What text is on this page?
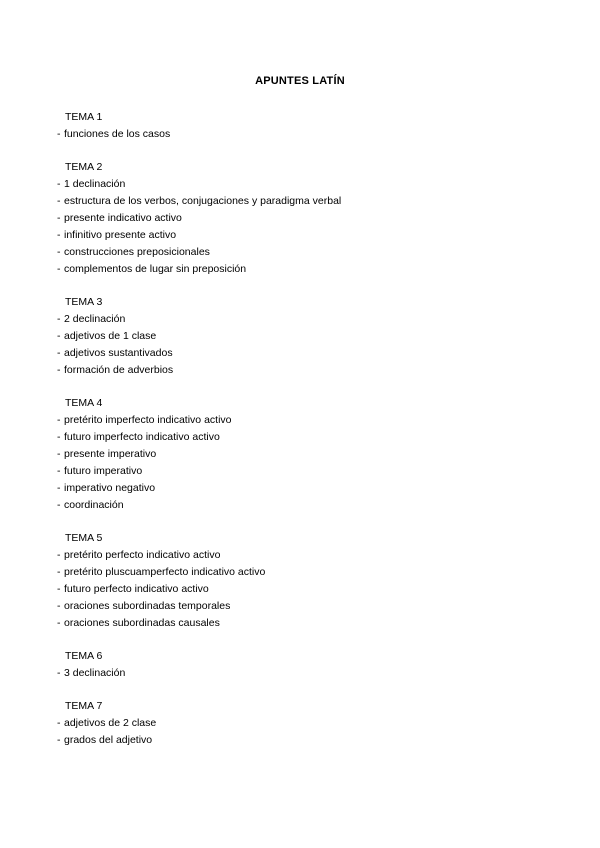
APUNTES LATÍN
TEMA 1
- funciones de los casos
TEMA 2
- 1 declinación
- estructura de los verbos, conjugaciones y paradigma verbal
- presente indicativo activo
- infinitivo presente activo
- construcciones preposicionales
- complementos de lugar sin preposición
TEMA 3
- 2 declinación
- adjetivos de 1 clase
- adjetivos sustantivados
- formación de adverbios
TEMA 4
- pretérito imperfecto indicativo activo
- futuro imperfecto indicativo activo
- presente imperativo
- futuro imperativo
- imperativo negativo
- coordinación
TEMA 5
- pretérito perfecto indicativo activo
- pretérito pluscuamperfecto indicativo activo
- futuro perfecto indicativo activo
- oraciones subordinadas temporales
- oraciones subordinadas causales
TEMA 6
- 3 declinación
TEMA 7
- adjetivos de 2 clase
- grados del adjetivo
